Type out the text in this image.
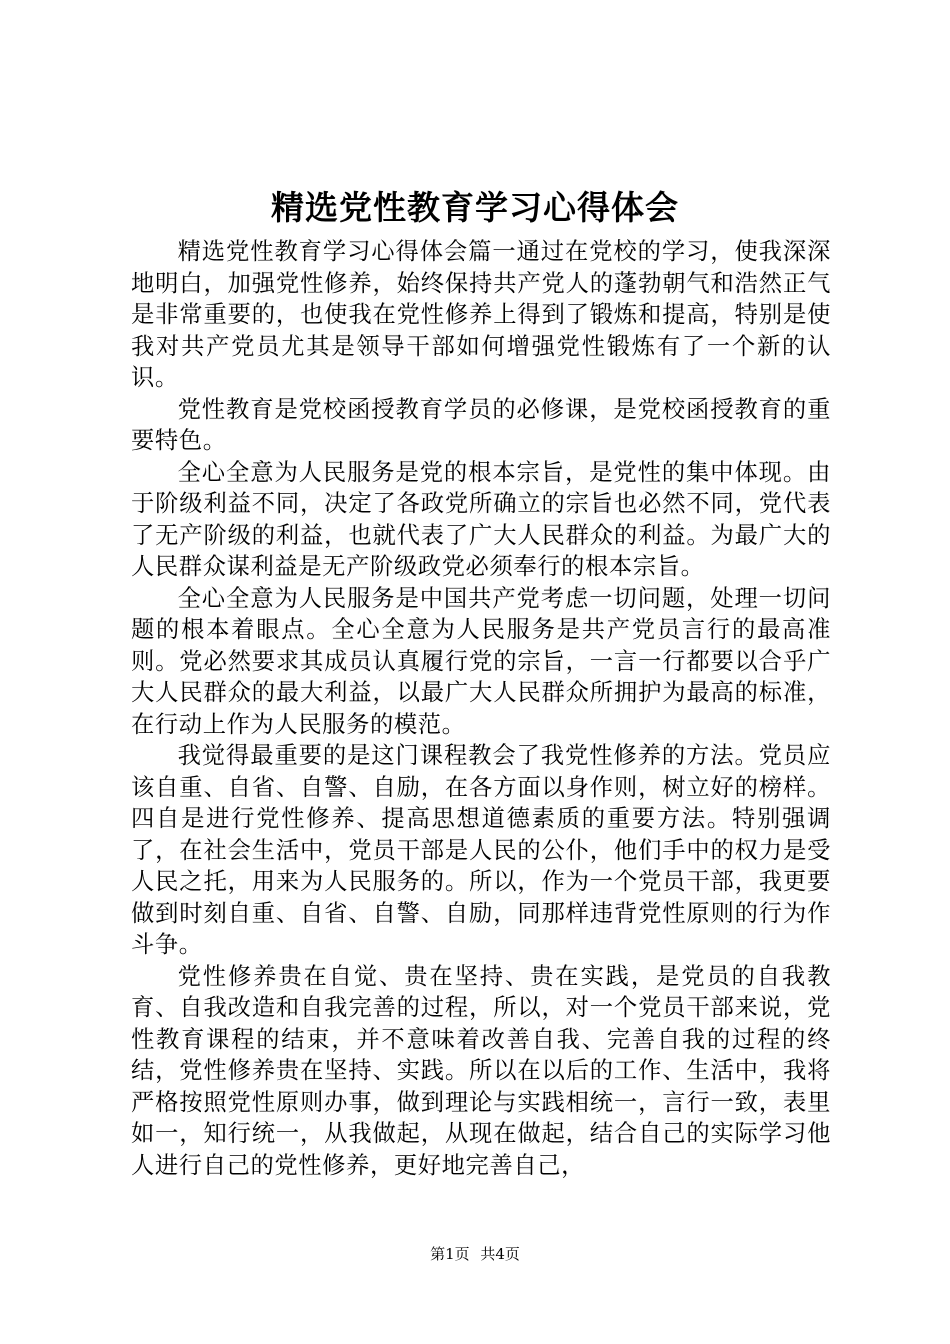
精选党性教育学习心得体会

精选党性教育学习心得体会篇一通过在党校的学习，使我深深地明白，加强党性修养，始终保持共产党人的蓬勃朝气和浩然正气是非常重要的，也使我在党性修养上得到了锻炼和提高，特别是使我对共产党员尤其是领导干部如何增强党性锻炼有了一个新的认识。

党性教育是党校函授教育学员的必修课，是党校函授教育的重要特色。

全心全意为人民服务是党的根本宗旨，是党性的集中体现。由于阶级利益不同，决定了各政党所确立的宗旨也必然不同，党代表了无产阶级的利益，也就代表了广大人民群众的利益。为最广大的人民群众谋利益是无产阶级政党必须奉行的根本宗旨。

全心全意为人民服务是中国共产党考虑一切问题，处理一切问题的根本着眼点。全心全意为人民服务是共产党员言行的最高准则。党必然要求其成员认真履行党的宗旨，一言一行都要以合乎广大人民群众的最大利益，以最广大人民群众所拥护为最高的标准，在行动上作为人民服务的模范。

我觉得最重要的是这门课程教会了我党性修养的方法。党员应该自重、自省、自警、自励，在各方面以身作则，树立好的榜样。四自是进行党性修养、提高思想道德素质的重要方法。特别强调了，在社会生活中，党员干部是人民的公仆，他们手中的权力是受人民之托，用来为人民服务的。所以，作为一个党员干部，我更要做到时刻自重、自省、自警、自励，同那样违背党性原则的行为作斗争。

党性修养贵在自觉、贵在坚持、贵在实践，是党员的自我教育、自我改造和自我完善的过程，所以，对一个党员干部来说，党性教育课程的结束，并不意味着改善自我、完善自我的过程的终结，党性修养贵在坚持、实践。所以在以后的工作、生活中，我将严格按照党性原则办事，做到理论与实践相统一，言行一致，表里如一，知行统一，从我做起，从现在做起，结合自己的实际学习他人进行自己的党性修养，更好地完善自己，

第1页 共4页
